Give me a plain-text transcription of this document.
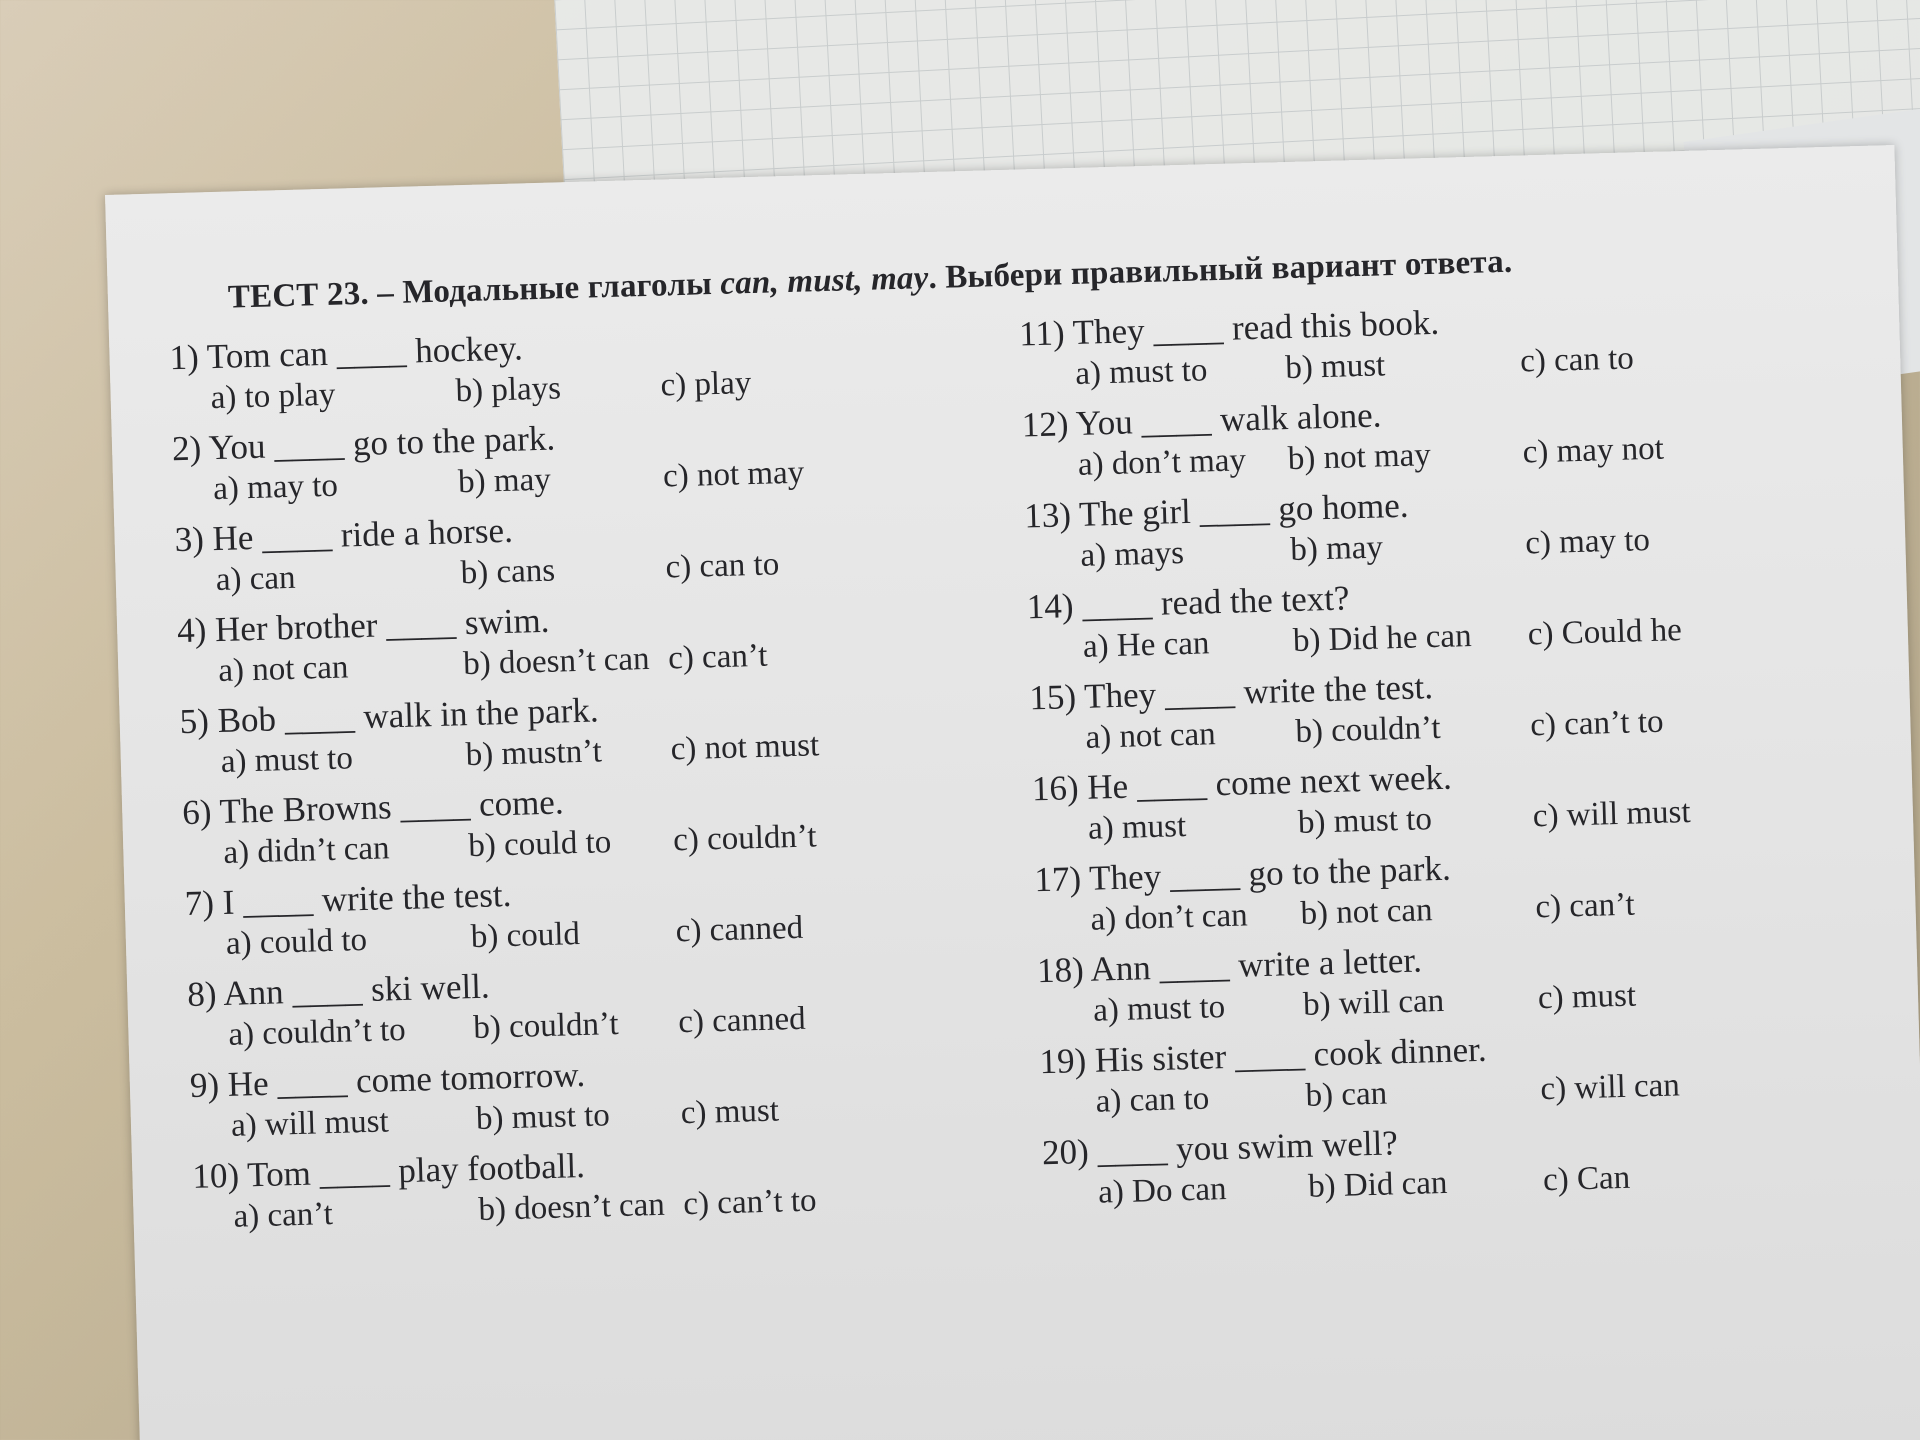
ТЕСТ 23. – Модальные глаголы can, must, may. Выбери правильный вариант ответа.
1) Tom can ____ hockey.
a) to play	b) plays	c) play
2) You ____ go to the park.
a) may to	b) may	c) not may
3) He ____ ride a horse.
a) can	b) cans	c) can to
4) Her brother ____ swim.
a) not can	b) doesn’t can c) can’t
5) Bob ____ walk in the park.
a) must to	b) mustn’t c) not must
6) The Browns ____ come.
a) didn’t can b) could to c) couldn’t
7) I ____ write the test.
a) could to	b) could	c) canned
8) Ann ____ ski well.
a) couldn’t to b) couldn’t c) canned
9) He ____ come tomorrow.
a) will must	b) must to c) must
10) Tom ____ play football.
a) can’t	b) doesn’t can c) can’t to
11) They ____ read this book.
a) must to b) must	c) can to
12) You ____ walk alone.
a) don’t may b) not may	c) may not
13) The girl ____ go home.
a) mays	b) may	c) may to
14) ____ read the text?
a) He can	b) Did he can c) Could he
15) They ____ write the test.
a) not can b) couldn’t	c) can’t to
16) He ____ come next week.
a) must	b) must to	c) will must
17) They ____ go to the park.
a) don’t can b) not can	c) can’t
18) Ann ____ write a letter.
a) must to b) will can	c) must
19) His sister ____ cook dinner.
a) can to	b) can	c) will can
20) ____ you swim well?
a) Do can b) Did can	c) Can
